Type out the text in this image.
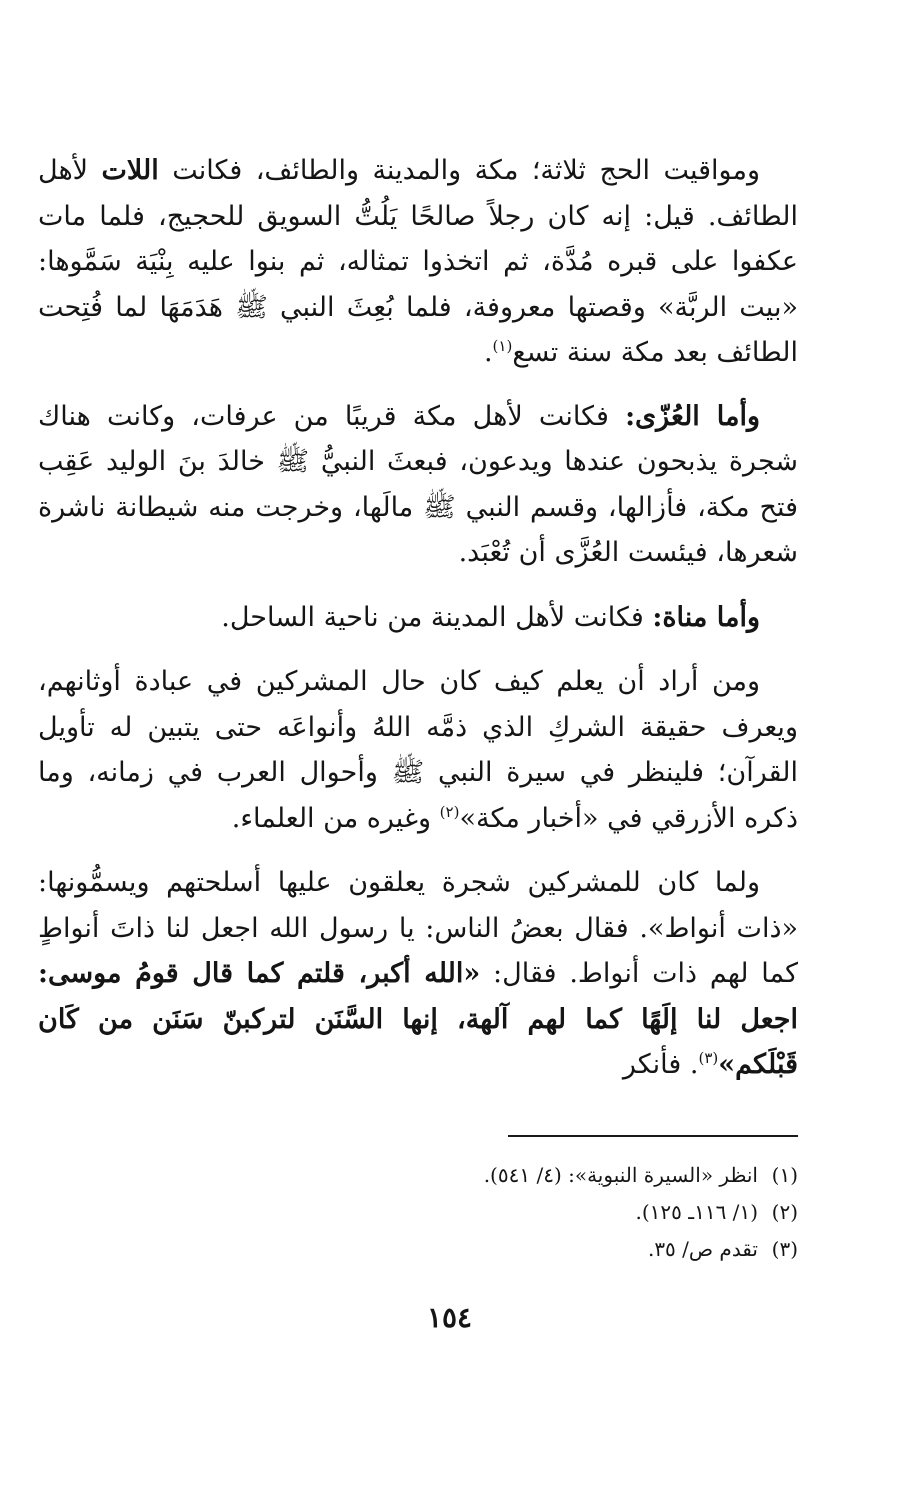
ومواقيت الحج ثلاثة؛ مكة والمدينة والطائف، فكانت اللات لأهل الطائف. قيل: إنه كان رجلاً صالحًا يَلُتُّ السويق للحجيج، فلما مات عكفوا على قبره مُدَّة، ثم اتخذوا تمثاله، ثم بنوا عليه بِنْيَة سَمَّوها: «بيت الربَّة» وقصتها معروفة، فلما بُعِثَ النبي ﷺ هَدَمَهَا لما فُتِحت الطائف بعد مكة سنة تسع$^{(١)}$.

وأما العُزّى: فكانت لأهل مكة قريبًا من عرفات، وكانت هناك شجرة يذبحون عندها ويدعون، فبعثَ النبيُّ ﷺ خالدَ بنَ الوليد عَقِب فتح مكة، فأزالها، وقسم النبي ﷺ مالَها، وخرجت منه شيطانة ناشرة شعرها، فيئست العُزَّى أن تُعْبَد.

وأما مناة: فكانت لأهل المدينة من ناحية الساحل.

ومن أراد أن يعلم كيف كان حال المشركين في عبادة أوثانهم، ويعرف حقيقة الشركِ الذي ذمَّه اللهُ وأنواعَه حتى يتبين له تأويل القرآن؛ فلينظر في سيرة النبي ﷺ وأحوال العرب في زمانه، وما ذكره الأزرقي في «أخبار مكة»$^{(٢)}$ وغيره من العلماء.

ولما كان للمشركين شجرة يعلقون عليها أسلحتهم ويسمُّونها: «ذات أنواط». فقال بعضُ الناس: يا رسول الله اجعل لنا ذاتَ أنواطٍ كما لهم ذات أنواط. فقال: «الله أكبر، قلتم كما قال قومُ موسى: اجعل لنا إلَهًا كما لهم آلهة، إنها السَّنَن لتركبنّ سَنَن من كَان قَبْلَكم»$^{(٣)}$. فأنكر

(١)انظر «السيرة النبوية»: (٤/ ٥٤١).

(٢)(١/ ١١٦ـ ١٢٥).

(٣)تقدم ص/ ٣٥.

١٥٤
